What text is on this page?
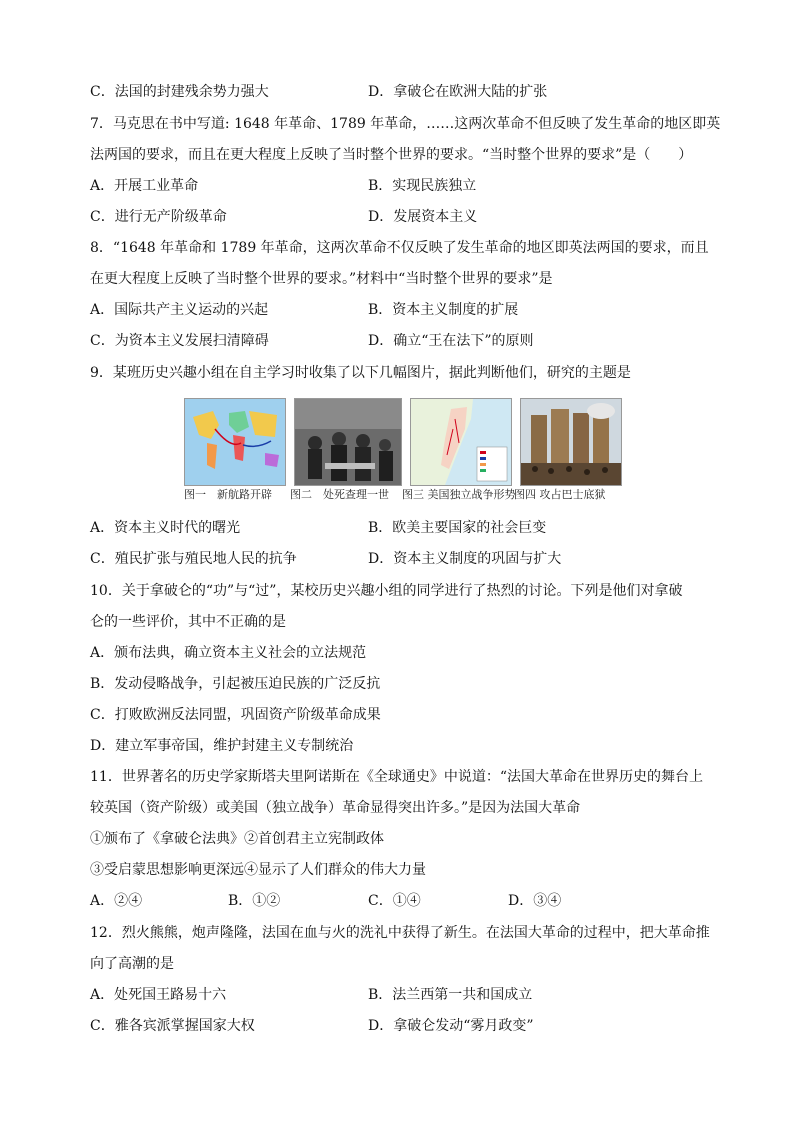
C．法国的封建残余势力强大	D．拿破仑在欧洲大陆的扩张
7．马克思在书中写道: 1648 年革命、1789 年革命，……这两次革命不但反映了发生革命的地区即英
法两国的要求，而且在更大程度上反映了当时整个世界的要求。“当时整个世界的要求”是（　　）
A．开展工业革命	B．实现民族独立
C．进行无产阶级革命	D．发展资本主义
8．“1648 年革命和 1789 年革命，这两次革命不仅反映了发生革命的地区即英法两国的要求，而且
在更大程度上反映了当时整个世界的要求。”材料中“当时整个世界的要求”是
A．国际共产主义运动的兴起	B．资本主义制度的扩展
C．为资本主义发展扫清障碍	D．确立“王在法下”的原则
9．某班历史兴趣小组在自主学习时收集了以下几幅图片，据此判断他们，研究的主题是
图一　新航路开辟 图二　处死查理一世 图三 美国独立战争形势
图四 攻占巴士底狱
A．资本主义时代的曙光	B．欧美主要国家的社会巨变
C．殖民扩张与殖民地人民的抗争	D．资本主义制度的巩固与扩大
10．关于拿破仑的“功”与“过”，某校历史兴趣小组的同学进行了热烈的讨论。下列是他们对拿破
仑的一些评价，其中不正确的是
A．颁布法典，确立资本主义社会的立法规范
B．发动侵略战争，引起被压迫民族的广泛反抗
C．打败欧洲反法同盟，巩固资产阶级革命成果
D．建立军事帝国，维护封建主义专制统治
11．世界著名的历史学家斯塔夫里阿诺斯在《全球通史》中说道：“法国大革命在世界历史的舞台上
较英国（资产阶级）或美国（独立战争）革命显得突出许多。”是因为法国大革命
①颁布了《拿破仑法典》②首创君主立宪制政体
③受启蒙思想影响更深远④显示了人们群众的伟大力量
A．②④	B．①②	C．①④	D．③④
12．烈火熊熊，炮声隆隆，法国在血与火的洗礼中获得了新生。在法国大革命的过程中，把大革命推
向了高潮的是
A．处死国王路易十六	B．法兰西第一共和国成立
C．雅各宾派掌握国家大权	D．拿破仑发动“雾月政变”
